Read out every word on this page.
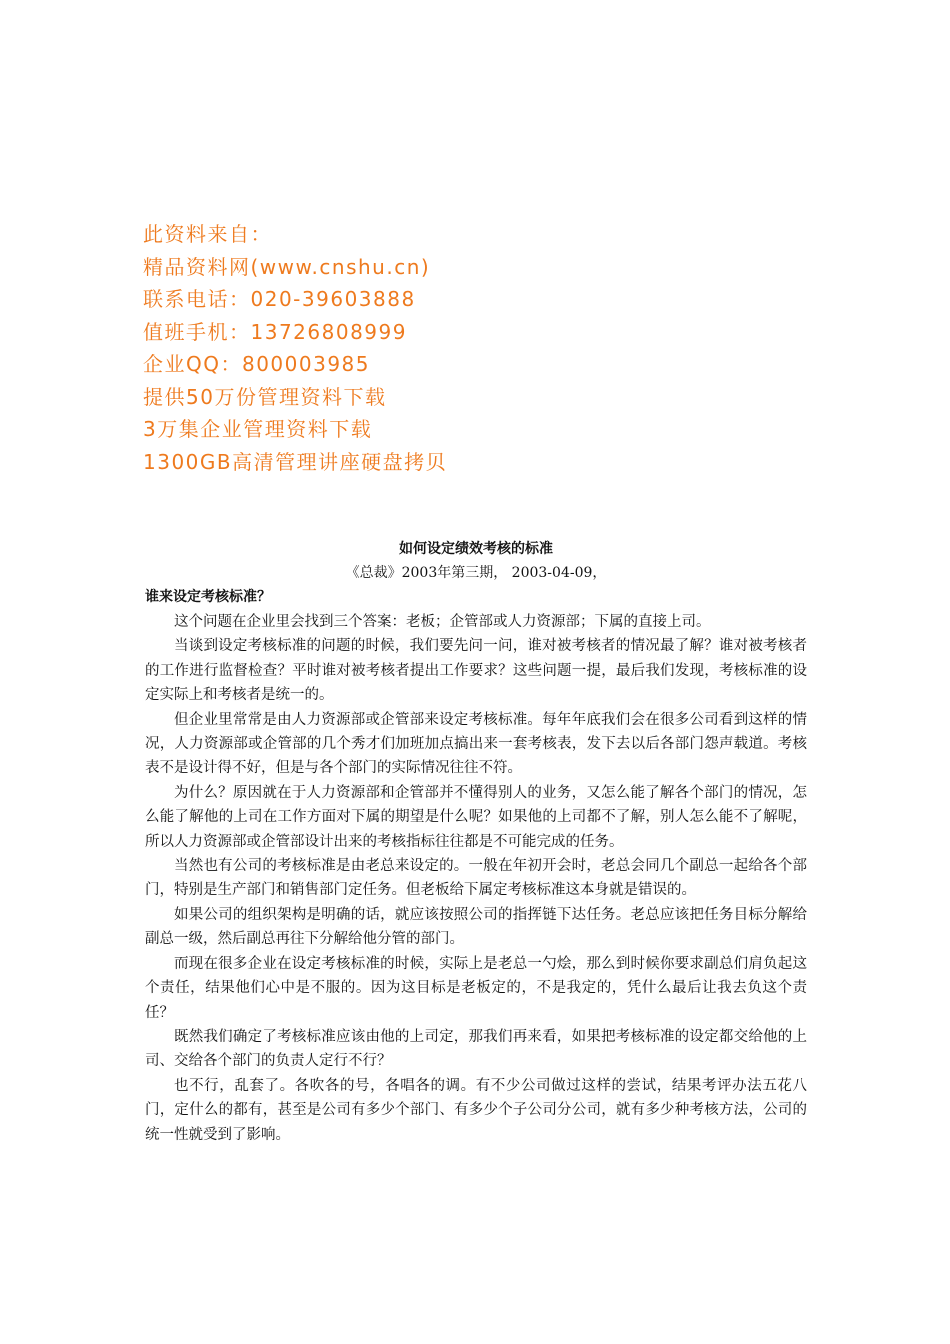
此资料来自：
精品资料网(www.cnshu.cn)
联系电话：020-39603888
值班手机：13726808999
企业QQ：800003985
提供50万份管理资料下载
3万集企业管理资料下载
1300GB高清管理讲座硬盘拷贝
如何设定绩效考核的标准
《总裁》2003年第三期， 2003-04-09，
谁来设定考核标准？

这个问题在企业里会找到三个答案：老板；企管部或人力资源部；下属的直接上司。

当谈到设定考核标准的问题的时候，我们要先问一问，谁对被考核者的情况最了解？谁对被考核者的工作进行监督检查？平时谁对被考核者提出工作要求？这些问题一提，最后我们发现，考核标准的设定实际上和考核者是统一的。

但企业里常常是由人力资源部或企管部来设定考核标准。每年年底我们会在很多公司看到这样的情况，人力资源部或企管部的几个秀才们加班加点搞出来一套考核表，发下去以后各部门怨声载道。考核表不是设计得不好，但是与各个部门的实际情况往往不符。

为什么？原因就在于人力资源部和企管部并不懂得别人的业务，又怎么能了解各个部门的情况，怎么能了解他的上司在工作方面对下属的期望是什么呢？如果他的上司都不了解，别人怎么能不了解呢，所以人力资源部或企管部设计出来的考核指标往往都是不可能完成的任务。

当然也有公司的考核标准是由老总来设定的。一般在年初开会时，老总会同几个副总一起给各个部门，特别是生产部门和销售部门定任务。但老板给下属定考核标准这本身就是错误的。

如果公司的组织架构是明确的话，就应该按照公司的指挥链下达任务。老总应该把任务目标分解给副总一级，然后副总再往下分解给他分管的部门。

而现在很多企业在设定考核标准的时候，实际上是老总一勺烩，那么到时候你要求副总们肩负起这个责任，结果他们心中是不服的。因为这目标是老板定的，不是我定的，凭什么最后让我去负这个责任？

既然我们确定了考核标准应该由他的上司定，那我们再来看，如果把考核标准的设定都交给他的上司、交给各个部门的负责人定行不行？

也不行，乱套了。各吹各的号，各唱各的调。有不少公司做过这样的尝试，结果考评办法五花八门，定什么的都有，甚至是公司有多少个部门、有多少个子公司分公司，就有多少种考核方法，公司的统一性就受到了影响。
